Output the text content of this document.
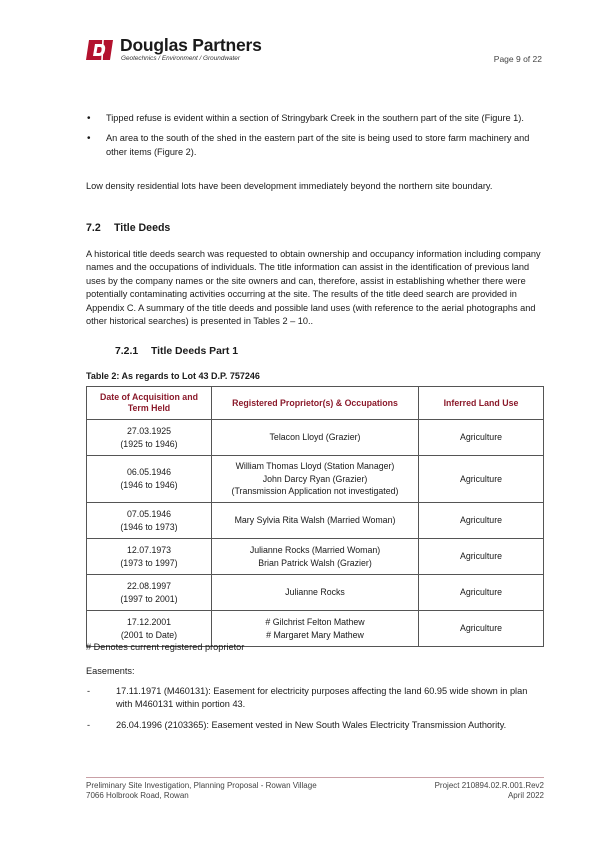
Douglas Partners
Geotechnics / Environment / Groundwater	Page 9 of 22
• Tipped refuse is evident within a section of Stringybark Creek in the southern part of the site (Figure 1).
• An area to the south of the shed in the eastern part of the site is being used to store farm machinery and other items (Figure 2).
Low density residential lots have been development immediately beyond the northern site boundary.
7.2 Title Deeds
A historical title deeds search was requested to obtain ownership and occupancy information including company names and the occupations of individuals. The title information can assist in the identification of previous land uses by the company names or the site owners and can, therefore, assist in establishing whether there were potentially contaminating activities occurring at the site. The results of the title deed search are provided in Appendix C. A summary of the title deeds and possible land uses (with reference to the aerial photographs and other historical searches) is presented in Tables 2 – 10..
7.2.1 Title Deeds Part 1
Table 2: As regards to Lot 43 D.P. 757246
Date of Acquisition and Term Held	Registered Proprietor(s) & Occupations	Inferred Land Use

27.03.1925
(1925 to 1946)	Telacon Lloyd (Grazier)	Agriculture

06.05.1946
(1946 to 1946)	William Thomas Lloyd (Station Manager)
John Darcy Ryan (Grazier)
(Transmission Application not investigated)	Agriculture

07.05.1946
(1946 to 1973)	Mary Sylvia Rita Walsh (Married Woman)	Agriculture

12.07.1973
(1973 to 1997)	Julianne Rocks (Married Woman)
Brian Patrick Walsh (Grazier)	Agriculture

22.08.1997
(1997 to 2001)	Julianne Rocks	Agriculture

17.12.2001
(2001 to Date)	# Gilchrist Felton Mathew
# Margaret Mary Mathew	Agriculture
# Denotes current registered proprietor
Easements:
- 17.11.1971 (M460131): Easement for electricity purposes affecting the land 60.95 wide shown in plan with M460131 within portion 43.
- 26.04.1996 (2103365): Easement vested in New South Wales Electricity Transmission Authority.
Preliminary Site Investigation, Planning Proposal - Rowan Village
7066 Holbrook Road, Rowan
Project 210894.02.R.001.Rev2
April 2022
